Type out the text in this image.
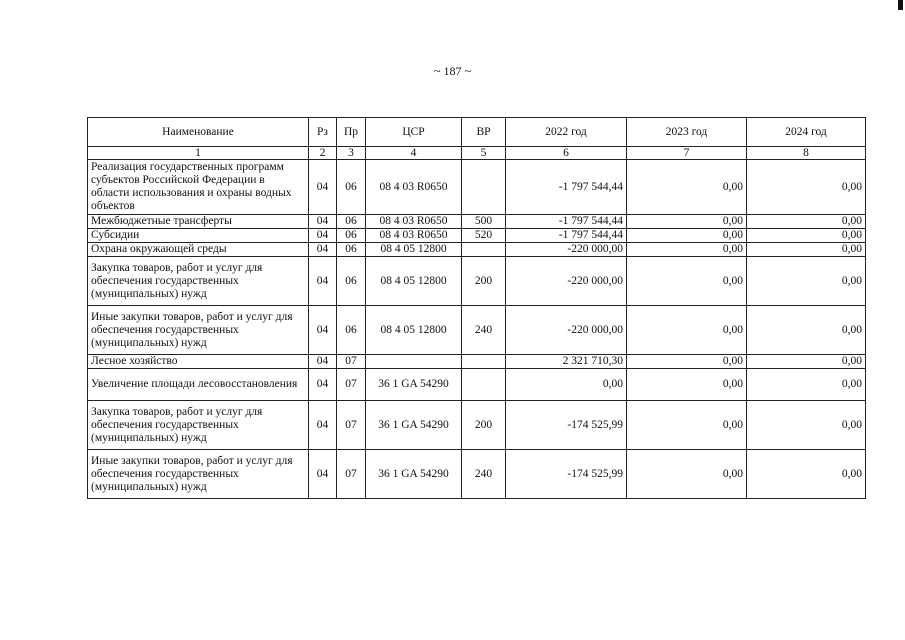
~ 187 ~
Наименование	Рз	Пр	ЦСР	ВР	2022 год	2023 год	2024 год
1	2	3	4	5	6	7	8
Реализация государственных программ субъектов Российской Федерации в области использования и охраны водных объектов	04	06	08 4 03 R0650		-1 797 544,44	0,00	0,00
Межбюджетные трансферты	04	06	08 4 03 R0650	500	-1 797 544,44	0,00	0,00
Субсидии	04	06	08 4 03 R0650	520	-1 797 544,44	0,00	0,00
Охрана окружающей среды	04	06	08 4 05 12800		-220 000,00	0,00	0,00
Закупка товаров, работ и услуг для обеспечения государственных (муниципальных) нужд	04	06	08 4 05 12800	200	-220 000,00	0,00	0,00
Иные закупки товаров, работ и услуг для обеспечения государственных (муниципальных) нужд	04	06	08 4 05 12800	240	-220 000,00	0,00	0,00
Лесное хозяйство	04	07			2 321 710,30	0,00	0,00
Увеличение площади лесовосстановления	04	07	36 1 GA 54290		0,00	0,00	0,00
Закупка товаров, работ и услуг для обеспечения государственных (муниципальных) нужд	04	07	36 1 GA 54290	200	-174 525,99	0,00	0,00
Иные закупки товаров, работ и услуг для обеспечения государственных (муниципальных) нужд	04	07	36 1 GA 54290	240	-174 525,99	0,00	0,00
